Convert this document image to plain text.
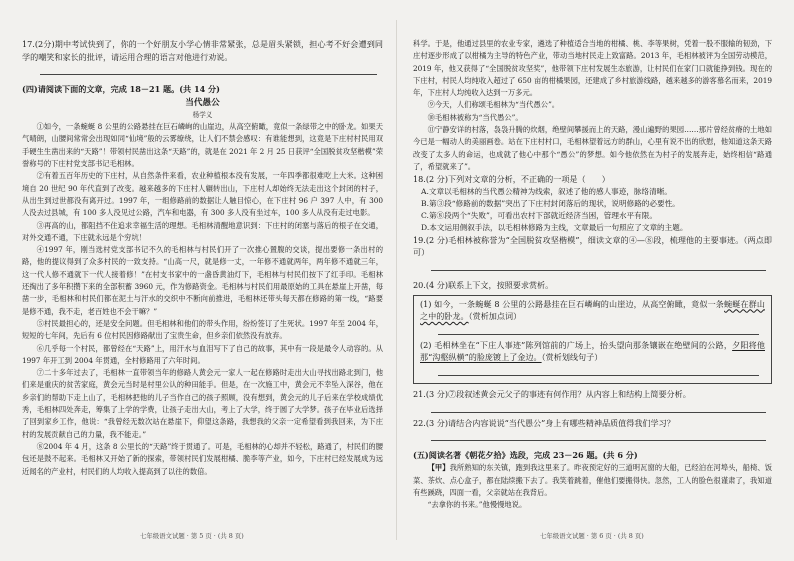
17.(2分)期中考试快到了，你的一个好朋友小学心情非常紧张，总是眉头紧锁，担心考不好会遭到同学的嘲笑和家长的批评，请运用合理的语言对他进行劝说。

(四)请阅读下面的文章，完成 18－21 题。(共 14 分)

当代愚公

杨学义

①如今，一条蜿蜒 8 公里的公路悬挂在巨石嶙峋的山崖边，从高空俯瞰，竟似一条绿带之中的卧龙。如果天气晴朗，山腰间常常会出现如同“仙境”般的云雾缭绕，让人们不禁会感叹：有谁能想到，这竟是下庄村村民用双手硬生生凿出来的“天路”！带领村民凿出这条“天路”的，就是在 2021 年 2 月 25 日获评“全国脱贫攻坚楷模”荣誉称号的下庄村党支部书记毛相林。

②有着五百年历史的下庄村，从自然条件来看，农业种植根本没有发展，一年四季都很难吃上大米。这种困境自 20 世纪 90 年代直到了改变。越来越多的下庄村人辗转出山，下庄村人却始终无法走出这个封闭的村子，从出生到过世都没有离开过。1997 年，一组修路前的数据让人触目惊心，在下庄村 96 户 397 人中，有 300 人没去过县城，有 100 多人没见过公路，汽车和电器，有 300 多人没有坐过车，100 多人从没有走过电影。

③再高的山，都阻挡不住追求幸福生活的理想。毛相林清醒地意识到：下庄村的闭塞与落后的根子在交通，对外交通不通，下庄就永远是个穷坑！

④1997 年，刚当选村党支部书记不久的毛相林与村民们开了一次推心置腹的交谈，提出要修一条出村的路，他的提议得到了众多村民的一致支持。“山高一尺，就是修一丈，一年修不通就两年，两年修不通就三年，这一代人修不通就下一代人接着修！”在村支书家中的一盏昏黄油灯下，毛相林与村民们按下了红手印。毛相林还掏出了多年积攒下来的全部积蓄 3960 元，作为修路资金。毛相林与村民们用最原始的工具在悬崖上开凿，每凿一步，毛相林和村民们都在泥土与汗水的交织中不断向前推进，毛相林还带头每天都在修路的第一线，“路要是修不通，我不走，老百姓也不会干嘛？”

⑤村民最担心的，还是安全问题。但毛相林和他们的带头作用，纷纷签订了生死状。1997 年至 2004 年，短短的七年间，先后有 6 位村民因修路献出了宝贵生命，但乡亲们依然没有放弃。

⑥几乎每一个村民，都曾经在“天路”上，用汗水与血泪写下了自己的故事，其中有一段是最令人动容的。从 1997 年开工到 2004 年贯通，全村修路用了六年时间。

⑦二十多年过去了，毛相林一直带领当年的修路人黄会元一家人一起在修路时走出大山寻找出路北到门，他们来是重庆的贫苦家庭，黄会元当时是村里公认的种田能手。但是，在一次施工中，黄会元不幸坠入深谷，他在乡亲们的帮助下走上山了，毛相林把他的儿子当作自己的孩子照顾，没有想到，黄会元的儿子后来在学校成绩优秀，毛相林四处奔走，筹集了上学的学费，让孩子走出大山，考上了大学，终于圆了大学梦。孩子在毕业后选择了回到家乡工作，他说：“我曾经无数次站在悬崖下，仰望这条路，我想我的父亲一定希望看到我回来，为下庄村的发展贡献自己的力量，我不能走。”

⑧2004 年 4 月，这条 8 公里长的“天路”终于贯通了。可是，毛相林的心却并不轻松，路通了，村民们的腰包还是鼓不起来。毛相林又开始了新的探索，带领村民们发展柑橘、脆李等产业，如今，下庄村已经发展成为远近闻名的产业村，村民们的人均收入提高到了以往的数倍。

七年级语文试题 · 第 5 页 · (共 8 页)

科学。于是，他通过县里的农业专家，遴选了种植适合当地的柑橘、桃、李等果树，凭着一股不服输的韧劲，下庄村逐步形成了以柑橘为主导的特色产业，带动当地村民走上致富路。2013 年，毛相林被评为全国劳动模范，2019 年，他又获得了“全国脱贫攻坚奖”，他带领下庄村发展生态旅游，让村民们在家门口就能挣到钱。现在的下庄村，村民人均纯收入超过了 650 亩的柑橘果园，还建成了乡村旅游线路，越来越多的游客慕名而来，2019 年，下庄村人均纯收入达到一万多元。

⑨今天，人们称颂毛相林为“当代愚公”。

⑩毛相林被称为“当代愚公”。

⑪宁静安详的村落，袅袅升腾的炊烟，绝壁间攀援而上的天路，漫山遍野的果园……那片曾经贫瘠的土地如今已是一幅动人的美丽画卷。站在下庄村村口，毛相林望着远方的群山，心里有说不出的欣慰，他知道这条天路改变了太多人的命运，也成就了他心中那个“愚公”的梦想。如今他依然在为村子的发展奔走，始终相信“路通了，希望就来了”。

18.(2 分)下列对文章的分析，不正确的一项是（　　）

A.文章以毛相林的当代愚公精神为线索，叙述了他的感人事迹，脉络清晰。

B.第③段“修路前的数据”突出了下庄村封闭落后的现状，说明修路的必要性。

C.第⑧段两个“失败”，可看出农村下部就近经济当困，管理水平有限。

D.本文运用侧叙手法，以毛相林修路为主线，文章最后一句照应了文章的主题。

19.(2 分)毛相林被称誉为“全国脱贫攻坚楷模”，细读文章的④—⑧段，梳理他的主要事迹。（两点即可）

20.(4 分)联系上下文，按照要求赏析。

(1) 如今，一条蜿蜒 8 公里的公路悬挂在巨石嶙峋的山崖边，从高空俯瞰，竟似一条蜿蜒在群山之中的卧龙。（赏析加点词）

(2) 毛相林坐在“下庄人事迹”陈列馆前的广场上，抬头望向那条镶嵌在绝壁间的公路，夕阳将他那“沟壑纵横”的脸庞镀上了金边。（赏析划线句子）

21.(3 分)⑦段叙述黄会元父子的事迹有何作用？从内容上和结构上简要分析。

22.(3 分)请结合内容说说“当代愚公”身上有哪些精神品质值得我们学习？

(五)阅读名著《朝花夕拾》选段，完成 23－26 题。(共 6 分)

【甲】我所熟知的东关镇，跑到我这里来了。昨夜预定好的三道明瓦窗的大船，已经泊在河埠头，船椅、饭菜、茶炊、点心盒子，都在陆续搬下去了。我笑着跳着，催他们要搬得快。忽然，工人的脸色很谨肃了，我知道有些蹊跷，四面一看，父亲就站在我背后。

“去拿你的书来。”他慢慢地说。

七年级语文试题 · 第 6 页 · (共 8 页)
